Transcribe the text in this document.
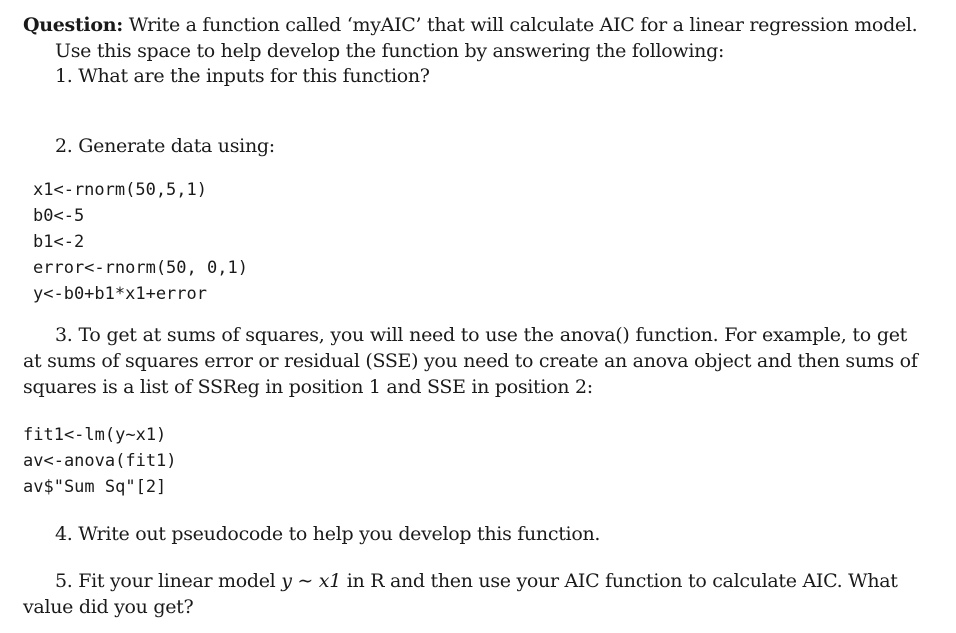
Question: Write a function called ‘myAIC’ that will calculate AIC for a linear regression model.
Use this space to help develop the function by answering the following:
1. What are the inputs for this function?
2. Generate data using:
x1<-rnorm(50,5,1)
b0<-5
b1<-2
error<-rnorm(50, 0,1)
y<-b0+b1*x1+error
3. To get at sums of squares, you will need to use the anova() function. For example, to get
at sums of squares error or residual (SSE) you need to create an anova object and then sums of
squares is a list of SSReg in position 1 and SSE in position 2:
fit1<-lm(y~x1)
av<-anova(fit1)
av$"Sum Sq"[2]
4. Write out pseudocode to help you develop this function.
5. Fit your linear model y ∼ x1 in R and then use your AIC function to calculate AIC. What
value did you get?
